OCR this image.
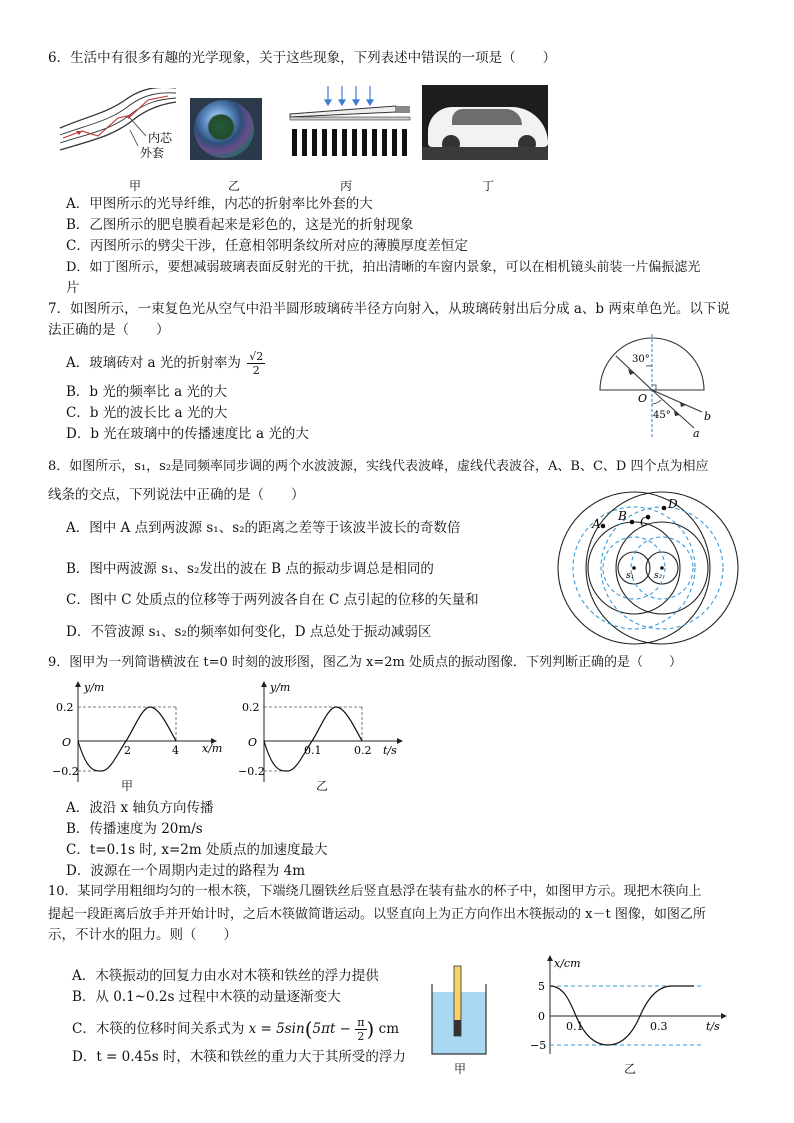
6．生活中有很多有趣的光学现象，关于这些现象，下列表述中错误的一项是（　　）
内芯
外套
甲	乙	丙	丁
A．甲图所示的光导纤维，内芯的折射率比外套的大
B．乙图所示的肥皂膜看起来是彩色的，这是光的折射现象
C．丙图所示的劈尖干涉，任意相邻明条纹所对应的薄膜厚度差恒定
D．如丁图所示，要想减弱玻璃表面反射光的干扰，拍出清晰的车窗内景象，可以在相机镜头前装一片偏振滤光
片
7．如图所示，一束复色光从空气中沿半圆形玻璃砖半径方向射入，从玻璃砖射出后分成 a、b 两束单色光。以下说
法正确的是（　　）
A．玻璃砖对 a 光的折射率为 $\frac{√2}{2}$
B．b 光的频率比 a 光的大
C．b 光的波长比 a 光的大
D．b 光在玻璃中的传播速度比 a 光的大
30°
45°
O
b
a
8．如图所示，s₁，s₂是同频率同步调的两个水波波源，实线代表波峰，虚线代表波谷，A、B、C、D 四个点为相应
线条的交点，下列说法中正确的是（　　）
A．图中 A 点到两波源 s₁、s₂的距离之差等于该波半波长的奇数倍
B．图中两波源 s₁、s₂发出的波在 B 点的振动步调总是相同的
C．图中 C 处质点的位移等于两列波各自在 C 点引起的位移的矢量和
D．不管波源 s₁、s₂的频率如何变化，D 点总处于振动减弱区
A
B C
D
s₁ s₂
9．图甲为一列简谐横波在 t=0 时刻的波形图，图乙为 x=2m 处质点的振动图像．下列判断正确的是（　　）
y/m
x/m
O
0.2
−0.2
2	4
甲
y/m
t/s
O
0.2
−0.2
0.1	0.2
乙
A．波沿 x 轴负方向传播
B．传播速度为 20m/s
C．t=0.1s 时, x=2m 处质点的加速度最大
D．波源在一个周期内走过的路程为 4m
10．某同学用粗细均匀的一根木筷，下端绕几圈铁丝后竖直悬浮在装有盐水的杯子中，如图甲方示。现把木筷向上
提起一段距离后放手并开始计时，之后木筷做简谐运动。以竖直向上为正方向作出木筷振动的 x－t 图像，如图乙所
示，不计水的阻力。则（　　）
A．木筷振动的回复力由水对木筷和铁丝的浮力提供
B．从 0.1~0.2s 过程中木筷的动量逐渐变大
C．木筷的位移时间关系式为 $x = 5\sin(5\pi t - \frac{\pi}{2}$ ) cm
D．t = 0.45s 时，木筷和铁丝的重力大于其所受的浮力
甲
x/cm
t/s
0
5
−5
0.1	0.3
乙
